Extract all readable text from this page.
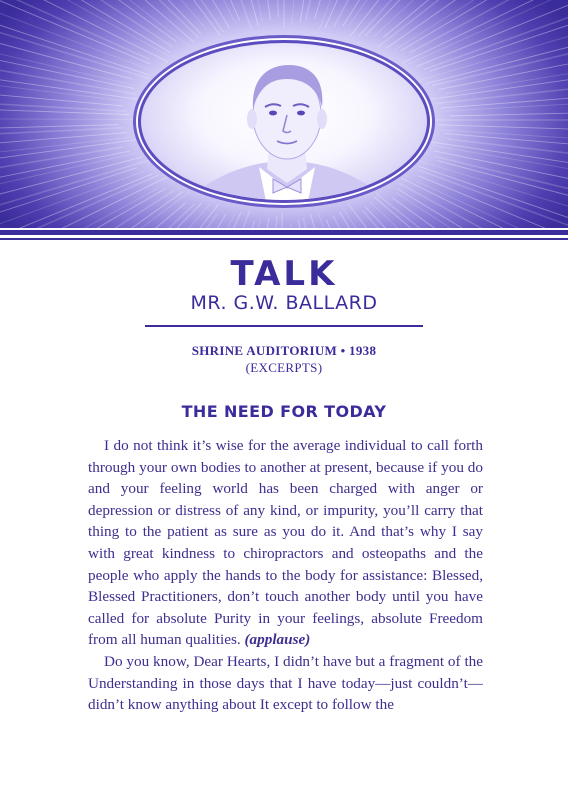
TALK
MR. G.W. BALLARD
SHRINE AUDITORIUM • 1938
(EXCERPTS)
THE NEED FOR TODAY

I do not think it’s wise for the average individual to call forth through your own bodies to another at present, because if you do and your feeling world has been charged with anger or depression or distress of any kind, or impurity, you’ll carry that thing to the patient as sure as you do it. And that’s why I say with great kindness to chiropractors and osteopaths and the people who apply the hands to the body for assistance: Blessed, Blessed Practitioners, don’t touch another body until you have called for absolute Purity in your feelings, absolute Freedom from all human qualities. (applause)

Do you know, Dear Hearts, I didn’t have but a fragment of the Understanding in those days that I have today—just couldn’t—didn’t know anything about It except to follow the
